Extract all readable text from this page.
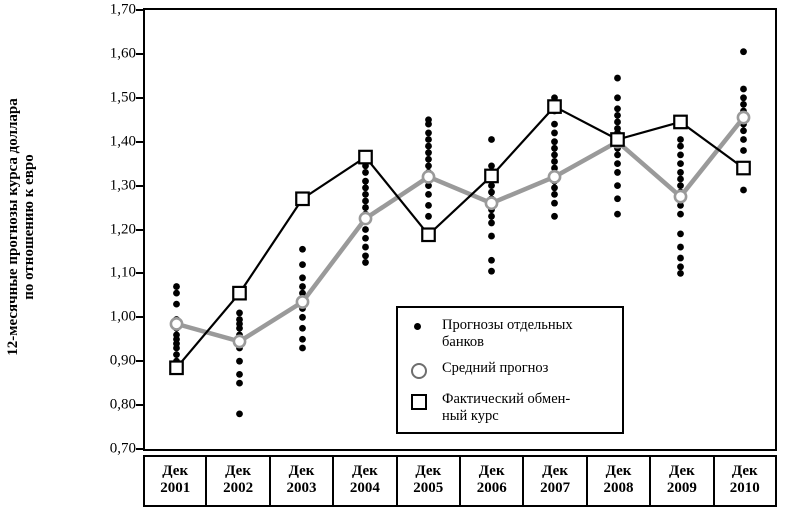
12-месячные прогнозы курса доллара по отношению к евро
0,70
0,80
0,90
1,00
1,10
1,20
1,30
1,40
1,50
1,60
1,70
Дек
2001
Дек
2002
Дек
2003
Дек
2004
Дек
2005
Дек
2006
Дек
2007
Дек
2008
Дек
2009
Дек
2010
Прогнозы отдельных
банков
Средний прогноз
Фактический обмен-
ный курс
